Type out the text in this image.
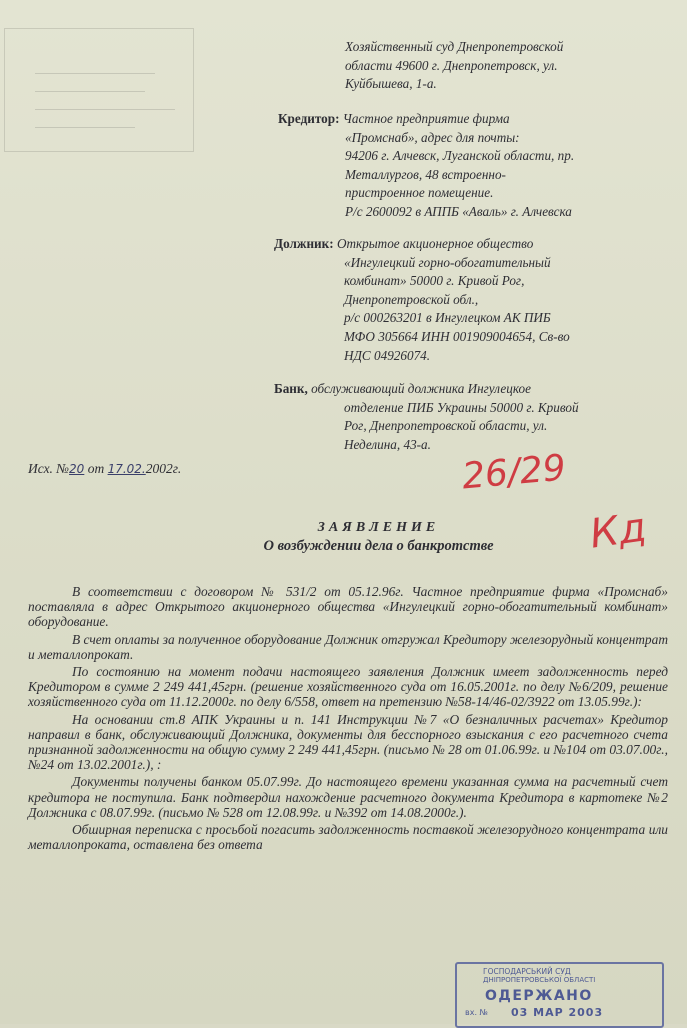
Хозяйственный суд Днепропетровской
области 49600 г. Днепропетровск, ул.
Куйбышева, 1-а.
Кредитор: Частное предприятие фирма
«Промснаб», адрес для почты:
94206 г. Алчевск, Луганской области, пр.
Металлургов, 48 встроенно-
пристроенное помещение.
Р/с 2600092 в АППБ «Аваль» г. Алчевска
Должник: Открытое акционерное общество
«Ингулецкий горно-обогатительный
комбинат» 50000 г. Кривой Рог,
Днепропетровской обл.,
р/с 000263201 в Ингулецком АК ПИБ
МФО 305664 ИНН 001909004654, Св-во
НДС 04926074.
Банк, обслуживающий должника Ингулецкое
отделение ПИБ Украины 50000 г. Кривой
Рог, Днепропетровской области, ул.
Неделина, 43-а.
Исх. №20 от 17.02.2002г.	26/29
Кд
ЗАЯВЛЕНИЕ
О возбуждении дела о банкротстве

В соответствии с договором № 531/2 от 05.12.96г. Частное предприятие фирма «Промснаб» поставляла в адрес Открытого акционерного общества «Ингулецкий горно-обогатительный комбинат» оборудование.

В счет оплаты за полученное оборудование Должник отгружал Кредитору железорудный концентрат и металлопрокат.

По состоянию на момент подачи настоящего заявления Должник имеет задолженность перед Кредитором в сумме 2 249 441,45грн. (решение хозяйственного суда от 16.05.2001г. по делу №6/209, решение хозяйственного суда от 11.12.2000г. по делу 6/558, ответ на претензию №58-14/46-02/3922 от 13.05.99г.):

На основании ст.8 АПК Украины и п. 141 Инструкции №7 «О безналичных расчетах» Кредитор направил в банк, обслуживающий Должника, документы для бесспорного взыскания с его расчетного счета признанной задолженности на общую сумму 2 249 441,45грн. (письмо № 28 от 01.06.99г. и №104 от 03.07.00г.,№24 от 13.02.2001г.), :

Документы получены банком 05.07.99г. До настоящего времени указанная сумма на расчетный счет кредитора не поступила. Банк подтвердил нахождение расчетного документа Кредитора в картотеке №2 Должника с 08.07.99г. (письмо № 528 от 12.08.99г. и №392 от 14.08.2000г.).

Обширная переписка с просьбой погасить задолженность поставкой железорудного концентрата или металлопроката, оставлена без ответа

ГОСПОДАРСЬКИЙ СУД
ДНІПРОПЕТРОВСЬКОЇ ОБЛАСТІ
ОДЕРЖАНО
вх. № 03 МАР 2003
